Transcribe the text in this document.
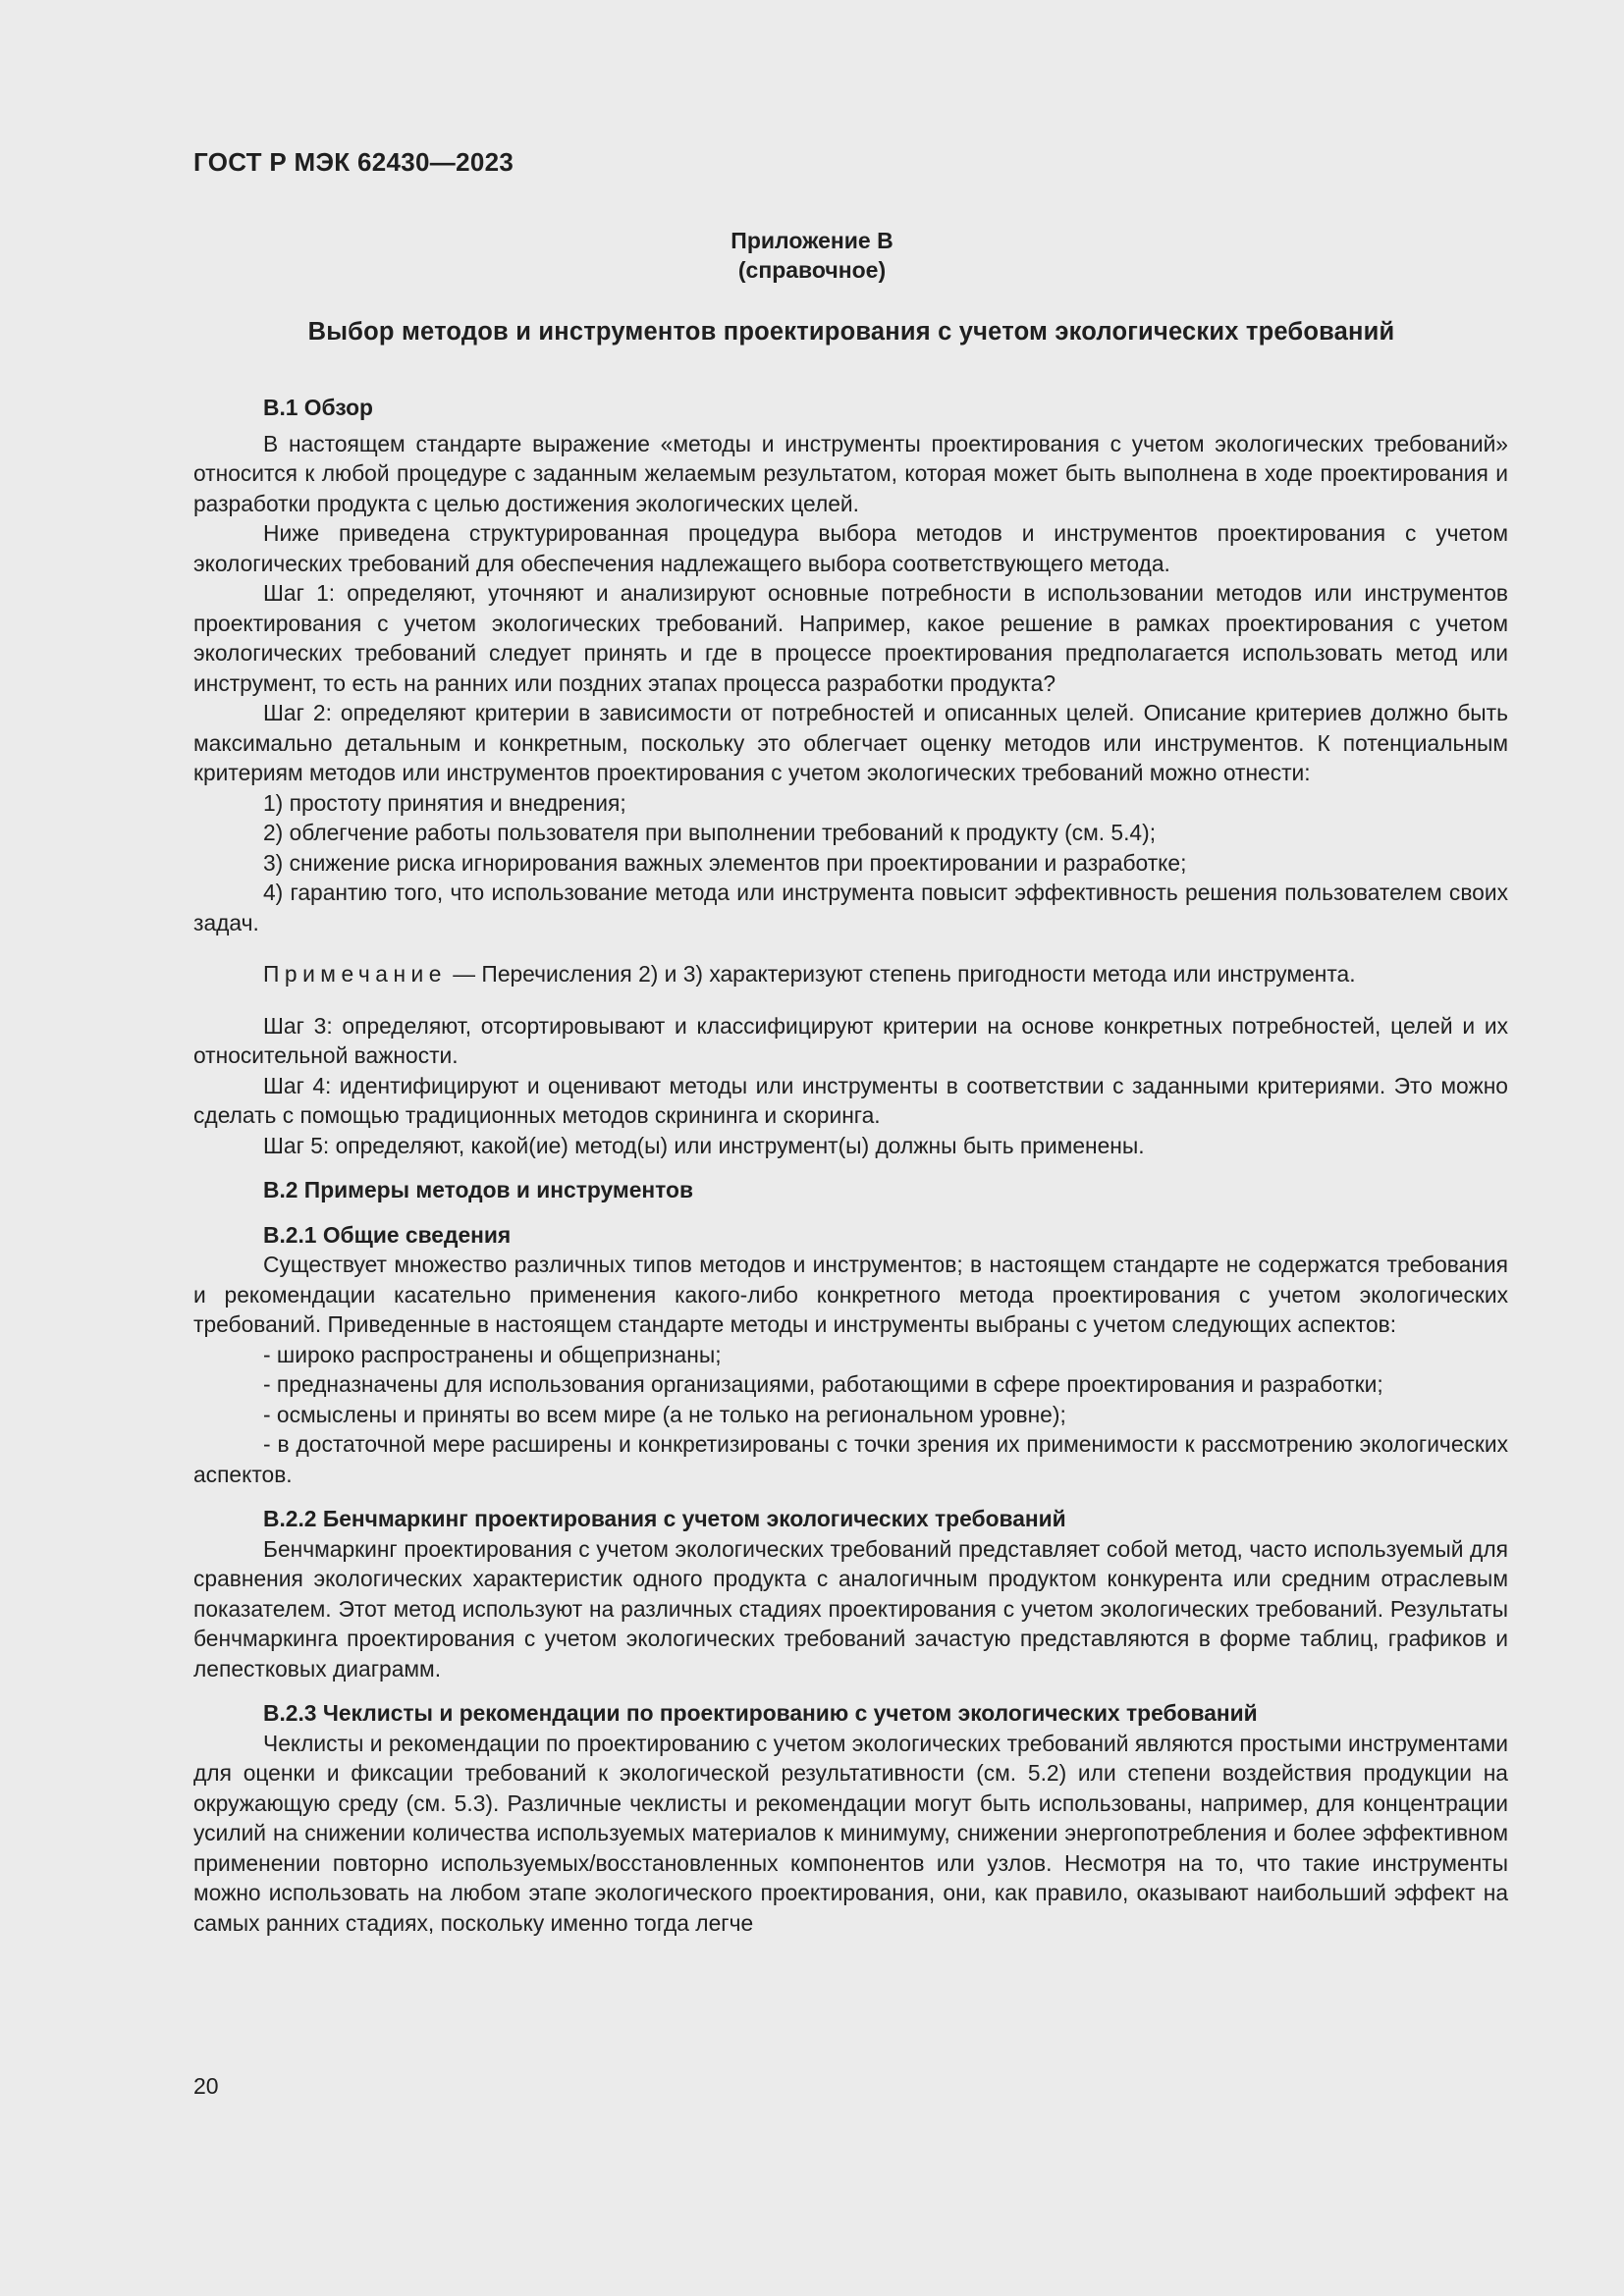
ГОСТ Р МЭК 62430—2023
Приложение В
(справочное)
Выбор методов и инструментов проектирования с учетом экологических требований
В.1 Обзор

В настоящем стандарте выражение «методы и инструменты проектирования с учетом экологических требований» относится к любой процедуре с заданным желаемым результатом, которая может быть выполнена в ходе проектирования и разработки продукта с целью достижения экологических целей.

Ниже приведена структурированная процедура выбора методов и инструментов проектирования с учетом экологических требований для обеспечения надлежащего выбора соответствующего метода.

Шаг 1: определяют, уточняют и анализируют основные потребности в использовании методов или инструментов проектирования с учетом экологических требований. Например, какое решение в рамках проектирования с учетом экологических требований следует принять и где в процессе проектирования предполагается использовать метод или инструмент, то есть на ранних или поздних этапах процесса разработки продукта?

Шаг 2: определяют критерии в зависимости от потребностей и описанных целей. Описание критериев должно быть максимально детальным и конкретным, поскольку это облегчает оценку методов или инструментов. К потенциальным критериям методов или инструментов проектирования с учетом экологических требований можно отнести:

1) простоту принятия и внедрения;

2) облегчение работы пользователя при выполнении требований к продукту (см. 5.4);

3) снижение риска игнорирования важных элементов при проектировании и разработке;

4) гарантию того, что использование метода или инструмента повысит эффективность решения пользователем своих задач.

Примечание — Перечисления 2) и 3) характеризуют степень пригодности метода или инструмента.

Шаг 3: определяют, отсортировывают и классифицируют критерии на основе конкретных потребностей, целей и их относительной важности.

Шаг 4: идентифицируют и оценивают методы или инструменты в соответствии с заданными критериями. Это можно сделать с помощью традиционных методов скрининга и скоринга.

Шаг 5: определяют, какой(ие) метод(ы) или инструмент(ы) должны быть применены.

В.2 Примеры методов и инструментов
В.2.1 Общие сведения

Существует множество различных типов методов и инструментов; в настоящем стандарте не содержатся требования и рекомендации касательно применения какого-либо конкретного метода проектирования с учетом экологических требований. Приведенные в настоящем стандарте методы и инструменты выбраны с учетом следующих аспектов:

- широко распространены и общепризнаны;

- предназначены для использования организациями, работающими в сфере проектирования и разработки;

- осмыслены и приняты во всем мире (а не только на региональном уровне);

- в достаточной мере расширены и конкретизированы с точки зрения их применимости к рассмотрению экологических аспектов.

В.2.2 Бенчмаркинг проектирования с учетом экологических требований

Бенчмаркинг проектирования с учетом экологических требований представляет собой метод, часто используемый для сравнения экологических характеристик одного продукта с аналогичным продуктом конкурента или средним отраслевым показателем. Этот метод используют на различных стадиях проектирования с учетом экологических требований. Результаты бенчмаркинга проектирования с учетом экологических требований зачастую представляются в форме таблиц, графиков и лепестковых диаграмм.

В.2.3 Чеклисты и рекомендации по проектированию с учетом экологических требований

Чеклисты и рекомендации по проектированию с учетом экологических требований являются простыми инструментами для оценки и фиксации требований к экологической результативности (см. 5.2) или степени воздействия продукции на окружающую среду (см. 5.3). Различные чеклисты и рекомендации могут быть использованы, например, для концентрации усилий на снижении количества используемых материалов к минимуму, снижении энергопотребления и более эффективном применении повторно используемых/восстановленных компонентов или узлов. Несмотря на то, что такие инструменты можно использовать на любом этапе экологического проектирования, они, как правило, оказывают наибольший эффект на самых ранних стадиях, поскольку именно тогда легче

20
